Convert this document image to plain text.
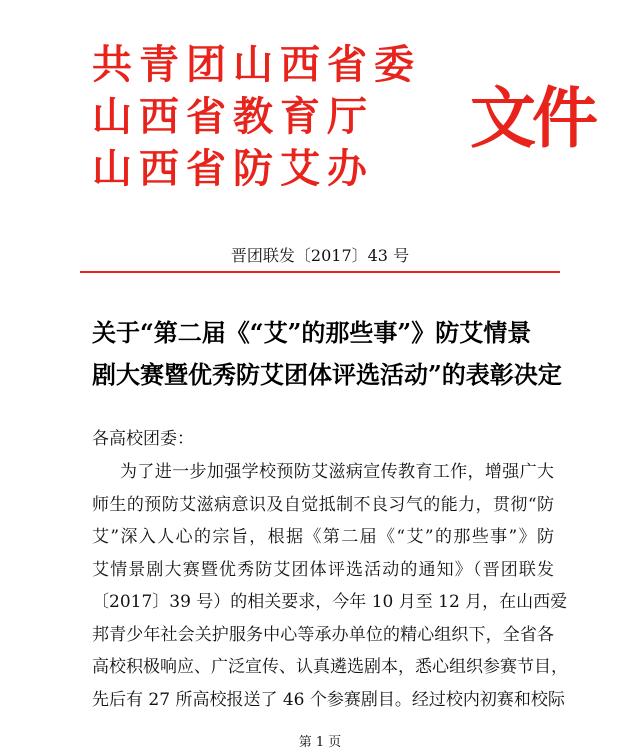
共青团山西省委
山西省教育厅
山西省防艾办
文件
晋团联发〔2017〕43 号
关于“第二届《“艾”的那些事”》防艾情景
剧大赛暨优秀防艾团体评选活动”的表彰决定
各高校团委：
为了进一步加强学校预防艾滋病宣传教育工作，增强广大
师生的预防艾滋病意识及自觉抵制不良习气的能力，贯彻“防
艾”深入人心的宗旨，根据《第二届《“艾”的那些事”》防
艾情景剧大赛暨优秀防艾团体评选活动的通知》（晋团联发
〔2017〕39 号）的相关要求，今年 10 月至 12 月，在山西爱
邦青少年社会关护服务中心等承办单位的精心组织下，全省各
高校积极响应、广泛宣传、认真遴选剧本，悉心组织参赛节目，
先后有 27 所高校报送了 46 个参赛剧目。经过校内初赛和校际
第 1 页
